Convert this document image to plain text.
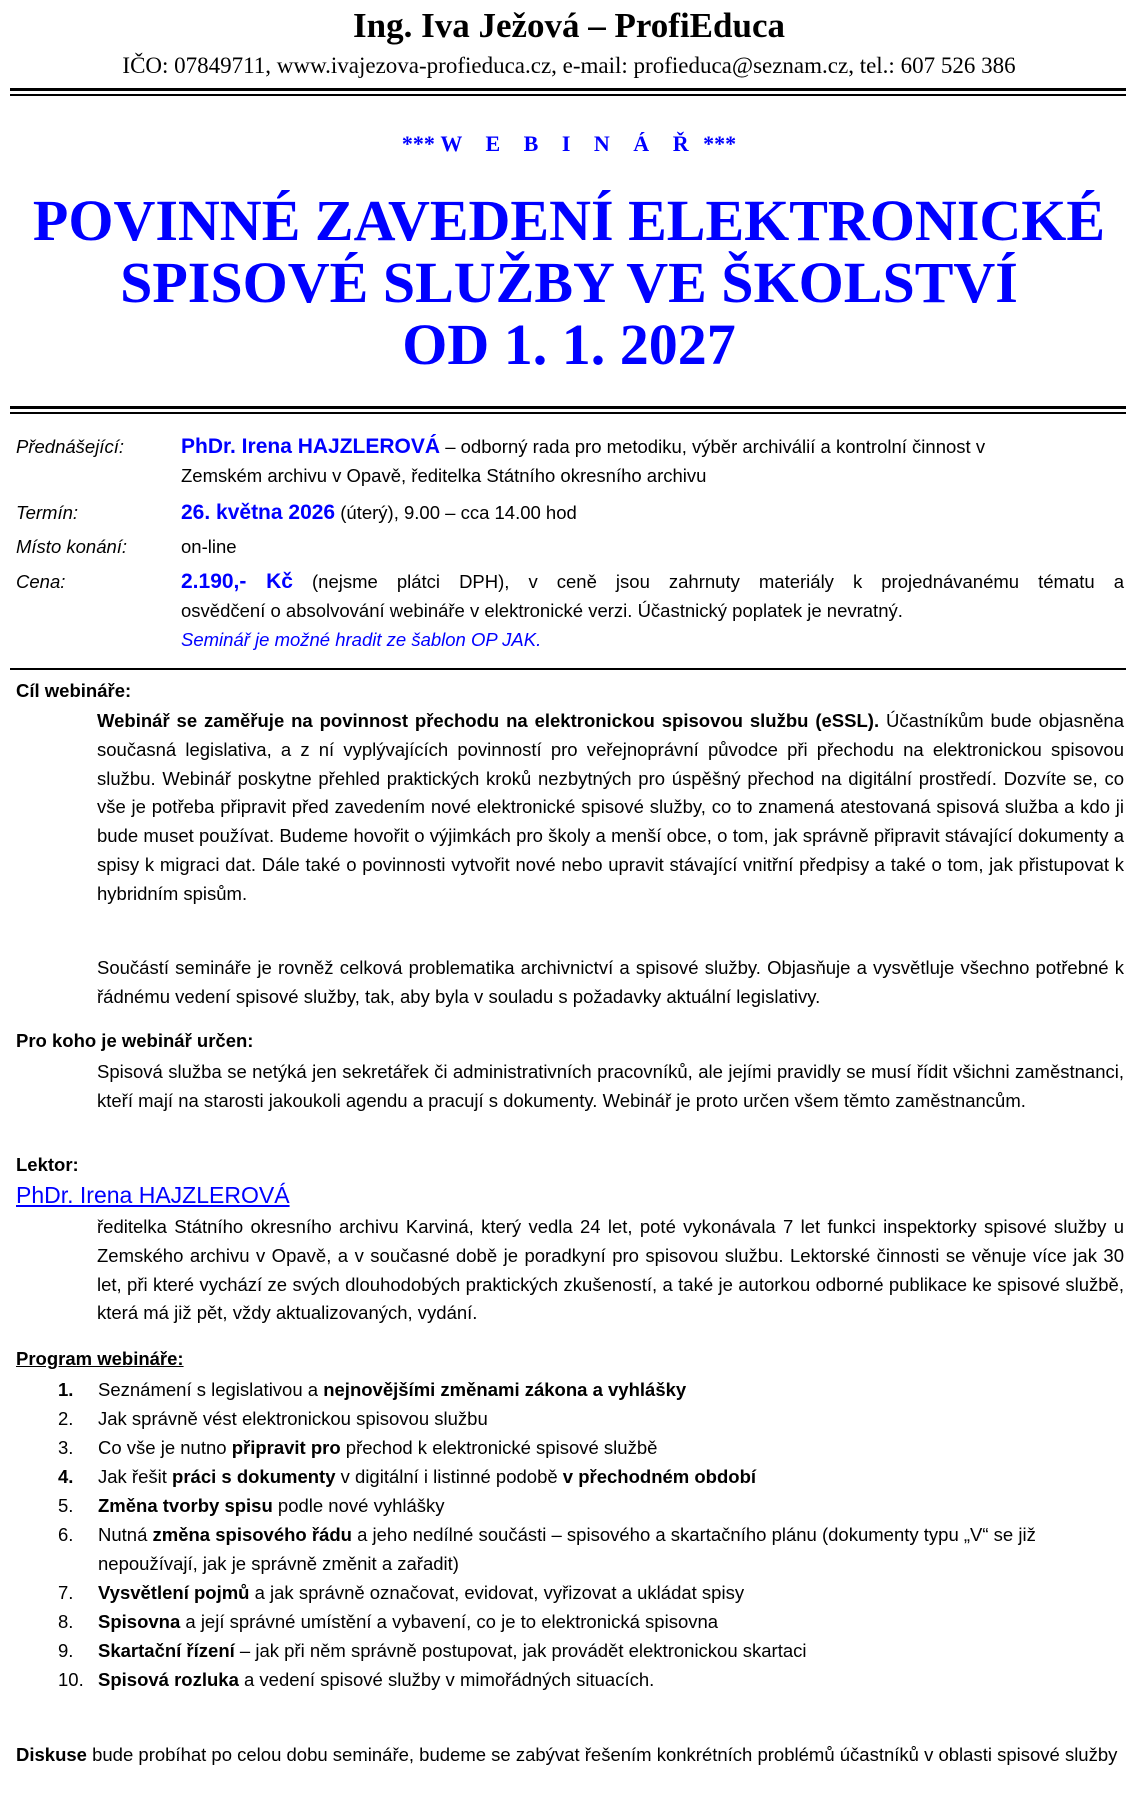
Ing. Iva Ježová – ProfiEduca
IČO: 07849711, www.ivajezova-profieduca.cz, e-mail: profieduca@seznam.cz, tel.: 607 526 386
*** W E B I N Á Ř ***
POVINNÉ ZAVEDENÍ ELEKTRONICKÉ
SPISOVÉ SLUŽBY VE ŠKOLSTVÍ
OD 1. 1. 2027
Přednášející:	PhDr. Irena HAJZLEROVÁ – odborný rada pro metodiku, výběr archiválií a kontrolní činnost v
Zemském archivu v Opavě, ředitelka Státního okresního archivu
Termín:	26. května 2026 (úterý), 9.00 – cca 14.00 hod
Místo konání:	on-line
Cena:	2.190,- Kč (nejsme plátci DPH), v ceně jsou zahrnuty materiály k projednávanému tématu a
osvědčení o absolvování webináře v elektronické verzi. Účastnický poplatek je nevratný.
Seminář je možné hradit ze šablon OP JAK.
Cíl webináře:
Webinář se zaměřuje na povinnost přechodu na elektronickou spisovou službu (eSSL). Účastníkům bude objasněna současná legislativa, a z ní vyplývajících povinností pro veřejnoprávní původce při přechodu na elektronickou spisovou službu. Webinář poskytne přehled praktických kroků nezbytných pro úspěšný přechod na digitální prostředí. Dozvíte se, co vše je potřeba připravit před zavedením nové elektronické spisové služby, co to znamená atestovaná spisová služba a kdo ji bude muset používat. Budeme hovořit o výjimkách pro školy a menší obce, o tom, jak správně připravit stávající dokumenty a spisy k migraci dat. Dále také o povinnosti vytvořit nové nebo upravit stávající vnitřní předpisy a také o tom, jak přistupovat k hybridním spisům.
Součástí semináře je rovněž celková problematika archivnictví a spisové služby. Objasňuje a vysvětluje všechno potřebné k řádnému vedení spisové služby, tak, aby byla v souladu s požadavky aktuální legislativy.
Pro koho je webinář určen:
Spisová služba se netýká jen sekretářek či administrativních pracovníků, ale jejími pravidly se musí řídit všichni zaměstnanci, kteří mají na starosti jakoukoli agendu a pracují s dokumenty. Webinář je proto určen všem těmto zaměstnancům.
Lektor:
PhDr. Irena HAJZLEROVÁ
ředitelka Státního okresního archivu Karviná, který vedla 24 let, poté vykonávala 7 let funkci inspektorky spisové služby u Zemského archivu v Opavě, a v současné době je poradkyní pro spisovou službu. Lektorské činnosti se věnuje více jak 30 let, při které vychází ze svých dlouhodobých praktických zkušeností, a také je autorkou odborné publikace ke spisové službě, která má již pět, vždy aktualizovaných, vydání.
Program webináře:
1. Seznámení s legislativou a nejnovějšími změnami zákona a vyhlášky
2. Jak správně vést elektronickou spisovou službu
3. Co vše je nutno připravit pro přechod k elektronické spisové službě
4. Jak řešit práci s dokumenty v digitální i listinné podobě v přechodném období
5. Změna tvorby spisu podle nové vyhlášky
6. Nutná změna spisového řádu a jeho nedílné součásti – spisového a skartačního plánu (dokumenty typu „V“ se již nepoužívají, jak je správně změnit a zařadit)
7. Vysvětlení pojmů a jak správně označovat, evidovat, vyřizovat a ukládat spisy
8. Spisovna a její správné umístění a vybavení, co je to elektronická spisovna
9. Skartační řízení – jak při něm správně postupovat, jak provádět elektronickou skartaci
10. Spisová rozluka a vedení spisové služby v mimořádných situacích.
Diskuse bude probíhat po celou dobu semináře, budeme se zabývat řešením konkrétních problémů účastníků v oblasti spisové služby
